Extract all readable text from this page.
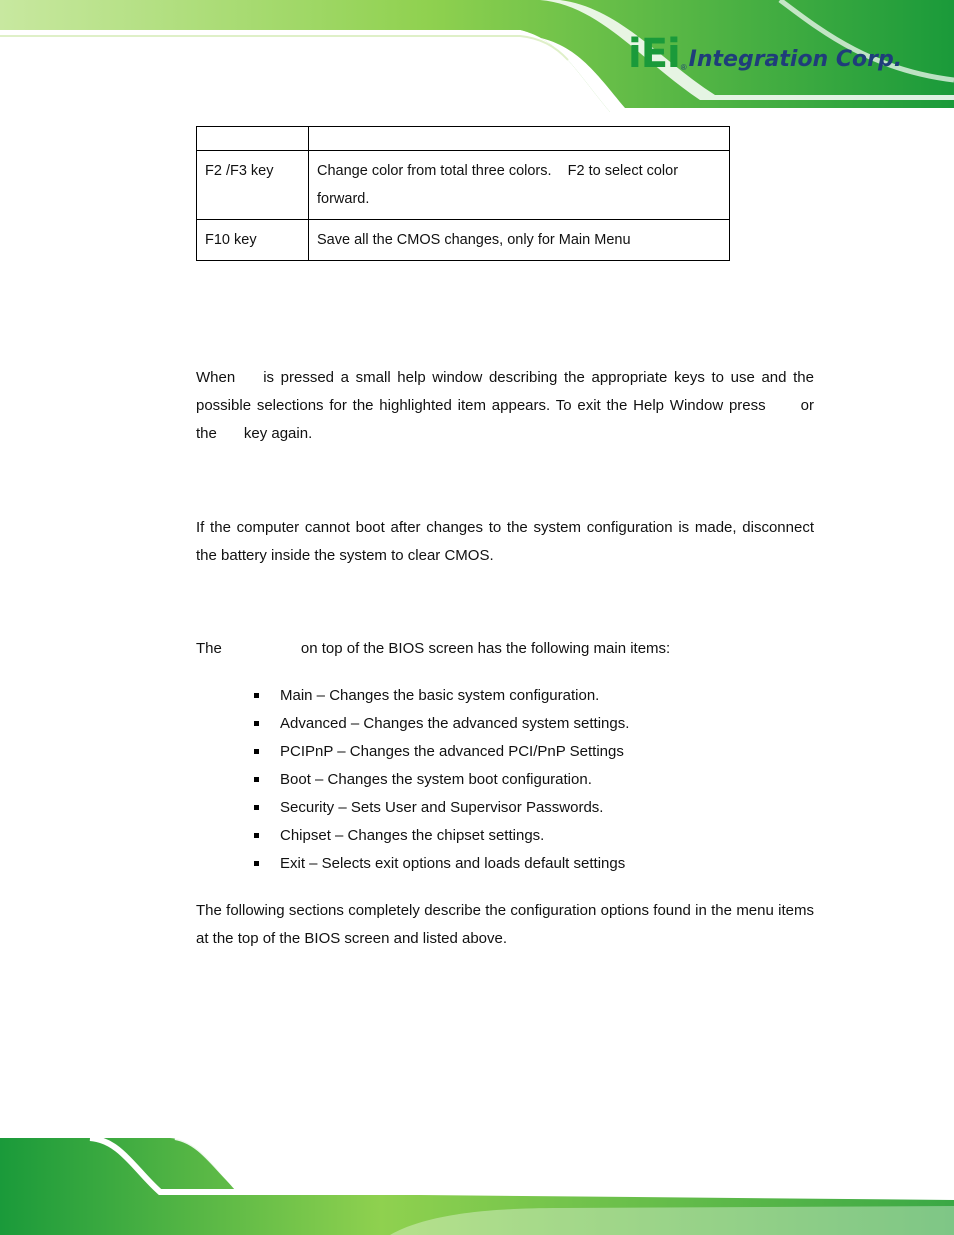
iEi ® Integration Corp.

F2 /F3 key	Change color from total three colors.    F2 to select color forward.
F10 key	Save all the CMOS changes, only for Main Menu

When is pressed a small help window describing the appropriate keys to use and the possible selections for the highlighted item appears. To exit the Help Window press or the key again.

If the computer cannot boot after changes to the system configuration is made, disconnect the battery inside the system to clear CMOS.

The	on top of the BIOS screen has the following main items:

Main – Changes the basic system configuration.
Advanced – Changes the advanced system settings.
PCIPnP – Changes the advanced PCI/PnP Settings
Boot – Changes the system boot configuration.
Security – Sets User and Supervisor Passwords.
Chipset – Changes the chipset settings.
Exit – Selects exit options and loads default settings

The following sections completely describe the configuration options found in the menu items at the top of the BIOS screen and listed above.
